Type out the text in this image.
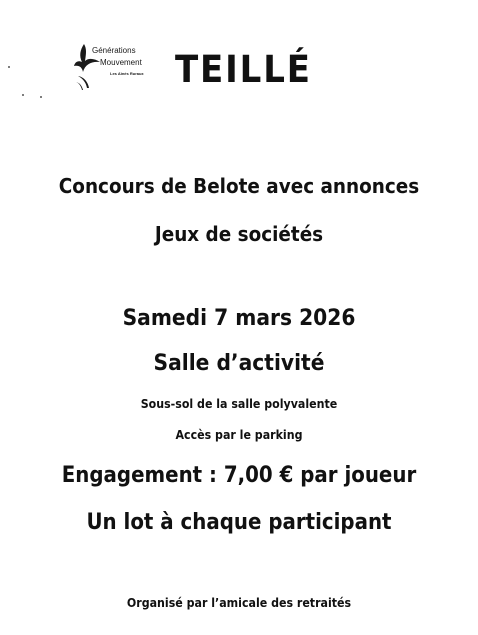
Générations
Mouvement
Les Aînés Ruraux TEILLÉ
Concours de Belote avec annonces
Jeux de sociétés
Samedi 7 mars 2026
Salle d’activité
Sous-sol de la salle polyvalente
Accès par le parking
Engagement : 7,00 € par joueur
Un lot à chaque participant
Organisé par l’amicale des retraités
